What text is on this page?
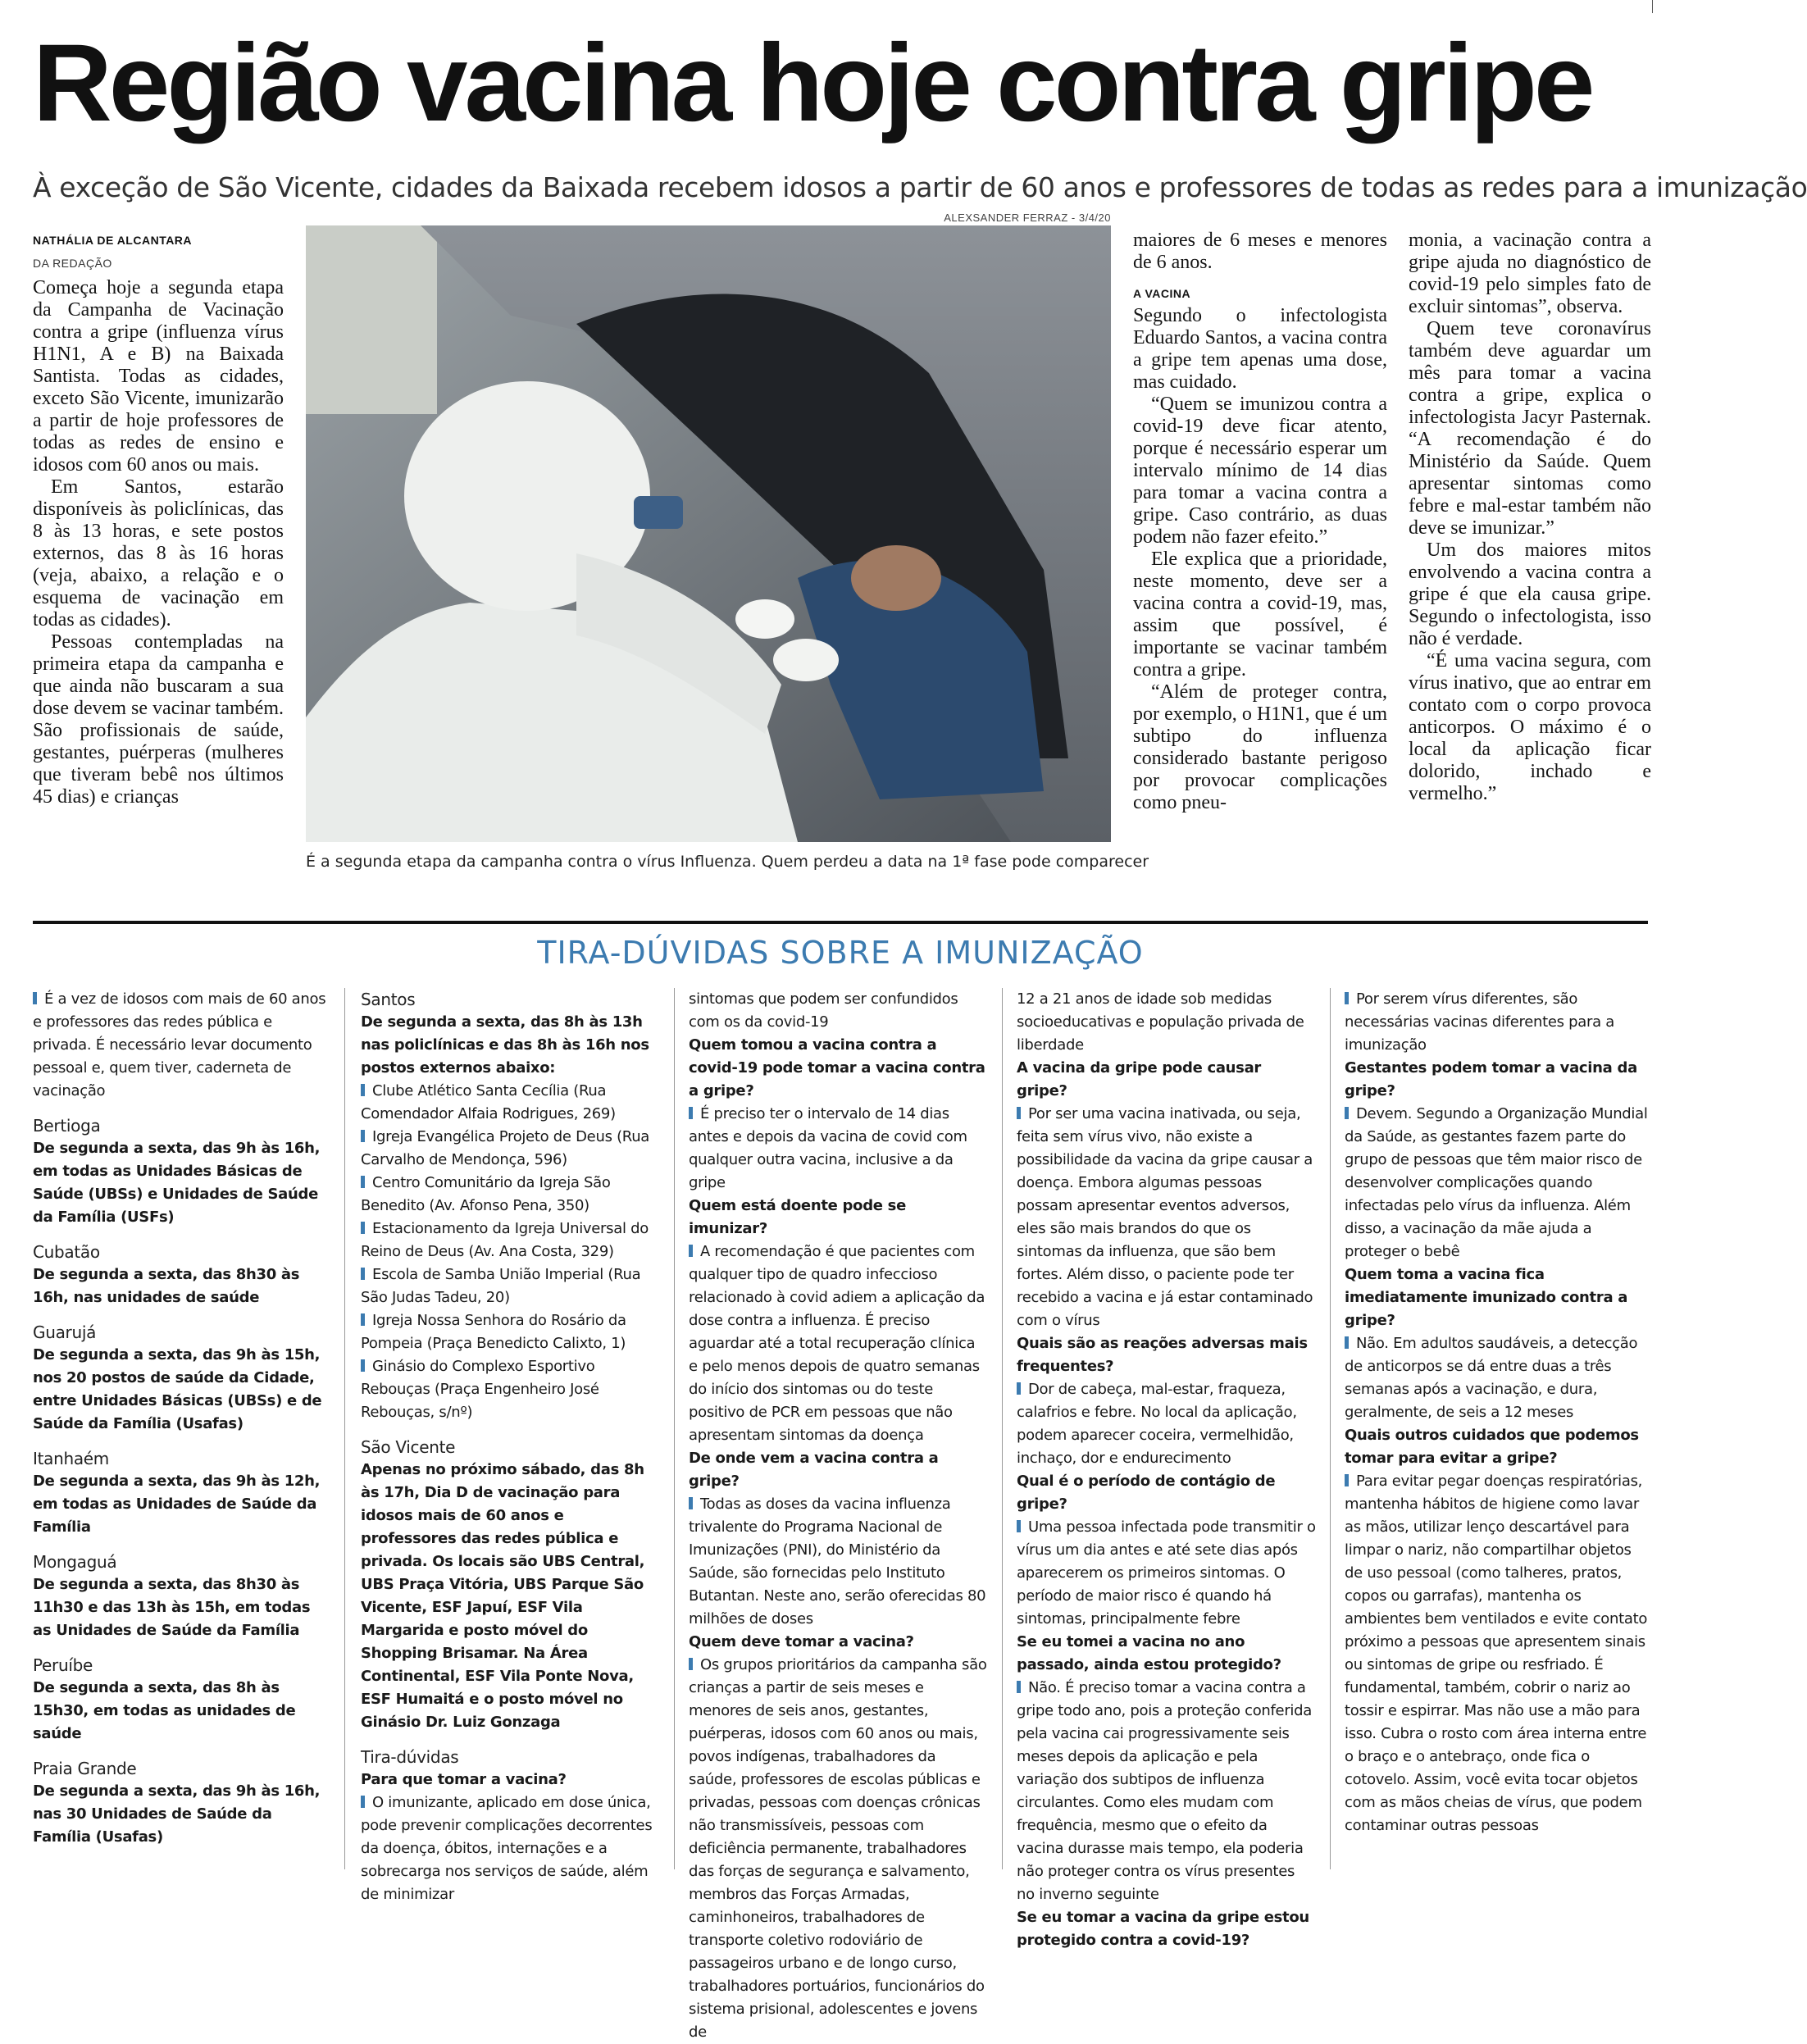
Região vacina hoje contra gripe

À exceção de São Vicente, cidades da Baixada recebem idosos a partir de 60 anos e professores de todas as redes para a imunização

NATHÁLIA DE ALCANTARA
DA REDAÇÃO

Começa hoje a segunda etapa da Campanha de Vacinação contra a gripe (influenza vírus H1N1, A e B) na Baixada Santista. Todas as cidades, exceto São Vicente, imunizarão a partir de hoje professores de todas as redes de ensino e idosos com 60 anos ou mais.

Em Santos, estarão disponíveis às policlínicas, das 8 às 13 horas, e sete postos externos, das 8 às 16 horas (veja, abaixo, a relação e o esquema de vacinação em todas as cidades).

Pessoas contempladas na primeira etapa da campanha e que ainda não buscaram a sua dose devem se vacinar também. São profissionais de saúde, gestantes, puérperas (mulheres que tiveram bebê nos últimos 45 dias) e crianças

ALEXSANDER FERRAZ - 3/4/20
É a segunda etapa da campanha contra o vírus Influenza. Quem perdeu a data na 1ª fase pode comparecer

maiores de 6 meses e menores de 6 anos.

A VACINA

Segundo o infectologista Eduardo Santos, a vacina contra a gripe tem apenas uma dose, mas cuidado.

“Quem se imunizou contra a covid-19 deve ficar atento, porque é necessário esperar um intervalo mínimo de 14 dias para tomar a vacina contra a gripe. Caso contrário, as duas podem não fazer efeito.”

Ele explica que a prioridade, neste momento, deve ser a vacina contra a covid-19, mas, assim que possível, é importante se vacinar também contra a gripe.

“Além de proteger contra, por exemplo, o H1N1, que é um subtipo do influenza considerado bastante perigoso por provocar complicações como pneu-

monia, a vacinação contra a gripe ajuda no diagnóstico de covid-19 pelo simples fato de excluir sintomas”, observa.

Quem teve coronavírus também deve aguardar um mês para tomar a vacina contra a gripe, explica o infectologista Jacyr Pasternak. “A recomendação é do Ministério da Saúde. Quem apresentar sintomas como febre e mal-estar também não deve se imunizar.”

Um dos maiores mitos envolvendo a vacina contra a gripe é que ela causa gripe. Segundo o infectologista, isso não é verdade.

“É uma vacina segura, com vírus inativo, que ao entrar em contato com o corpo provoca anticorpos. O máximo é o local da aplicação ficar dolorido, inchado e vermelho.”

TIRA-DÚVIDAS SOBRE A IMUNIZAÇÃO

É a vez de idosos com mais de 60 anos e professores das redes pública e privada. É necessário levar documento pessoal e, quem tiver, caderneta de vacinação

Bertioga

De segunda a sexta, das 9h às 16h, em todas as Unidades Básicas de Saúde (UBSs) e Unidades de Saúde da Família (USFs)

Cubatão

De segunda a sexta, das 8h30 às 16h, nas unidades de saúde

Guarujá

De segunda a sexta, das 9h às 15h, nos 20 postos de saúde da Cidade, entre Unidades Básicas (UBSs) e de Saúde da Família (Usafas)

Itanhaém

De segunda a sexta, das 9h às 12h, em todas as Unidades de Saúde da Família

Mongaguá

De segunda a sexta, das 8h30 às 11h30 e das 13h às 15h, em todas as Unidades de Saúde da Família

Peruíbe

De segunda a sexta, das 8h às 15h30, em todas as unidades de saúde

Praia Grande

De segunda a sexta, das 9h às 16h, nas 30 Unidades de Saúde da Família (Usafas)

Santos

De segunda a sexta, das 8h às 13h nas policlínicas e das 8h às 16h nos postos externos abaixo:

Clube Atlético Santa Cecília (Rua Comendador Alfaia Rodrigues, 269)

Igreja Evangélica Projeto de Deus (Rua Carvalho de Mendonça, 596)

Centro Comunitário da Igreja São Benedito (Av. Afonso Pena, 350)

Estacionamento da Igreja Universal do Reino de Deus (Av. Ana Costa, 329)

Escola de Samba União Imperial (Rua São Judas Tadeu, 20)

Igreja Nossa Senhora do Rosário da Pompeia (Praça Benedicto Calixto, 1)

Ginásio do Complexo Esportivo Rebouças (Praça Engenheiro José Rebouças, s/nº)

São Vicente

Apenas no próximo sábado, das 8h às 17h, Dia D de vacinação para idosos mais de 60 anos e professores das redes pública e privada. Os locais são UBS Central, UBS Praça Vitória, UBS Parque São Vicente, ESF Japuí, ESF Vila Margarida e posto móvel do Shopping Brisamar. Na Área Continental, ESF Vila Ponte Nova, ESF Humaitá e o posto móvel no Ginásio Dr. Luiz Gonzaga

Tira-dúvidas

Para que tomar a vacina?

O imunizante, aplicado em dose única, pode prevenir complicações decorrentes da doença, óbitos, internações e a sobrecarga nos serviços de saúde, além de minimizar

sintomas que podem ser confundidos com os da covid-19

Quem tomou a vacina contra a covid-19 pode tomar a vacina contra a gripe?

É preciso ter o intervalo de 14 dias antes e depois da vacina de covid com qualquer outra vacina, inclusive a da gripe

Quem está doente pode se imunizar?

A recomendação é que pacientes com qualquer tipo de quadro infeccioso relacionado à covid adiem a aplicação da dose contra a influenza. É preciso aguardar até a total recuperação clínica e pelo menos depois de quatro semanas do início dos sintomas ou do teste positivo de PCR em pessoas que não apresentam sintomas da doença

De onde vem a vacina contra a gripe?

Todas as doses da vacina influenza trivalente do Programa Nacional de Imunizações (PNI), do Ministério da Saúde, são fornecidas pelo Instituto Butantan. Neste ano, serão oferecidas 80 milhões de doses

Quem deve tomar a vacina?

Os grupos prioritários da campanha são crianças a partir de seis meses e menores de seis anos, gestantes, puérperas, idosos com 60 anos ou mais, povos indígenas, trabalhadores da saúde, professores de escolas públicas e privadas, pessoas com doenças crônicas não transmissíveis, pessoas com deficiência permanente, trabalhadores das forças de segurança e salvamento, membros das Forças Armadas, caminhoneiros, trabalhadores de transporte coletivo rodoviário de passageiros urbano e de longo curso, trabalhadores portuários, funcionários do sistema prisional, adolescentes e jovens de

12 a 21 anos de idade sob medidas socioeducativas e população privada de liberdade

A vacina da gripe pode causar gripe?

Por ser uma vacina inativada, ou seja, feita sem vírus vivo, não existe a possibilidade da vacina da gripe causar a doença. Embora algumas pessoas possam apresentar eventos adversos, eles são mais brandos do que os sintomas da influenza, que são bem fortes. Além disso, o paciente pode ter recebido a vacina e já estar contaminado com o vírus

Quais são as reações adversas mais frequentes?

Dor de cabeça, mal-estar, fraqueza, calafrios e febre. No local da aplicação, podem aparecer coceira, vermelhidão, inchaço, dor e endurecimento

Qual é o período de contágio de gripe?

Uma pessoa infectada pode transmitir o vírus um dia antes e até sete dias após aparecerem os primeiros sintomas. O período de maior risco é quando há sintomas, principalmente febre

Se eu tomei a vacina no ano passado, ainda estou protegido?

Não. É preciso tomar a vacina contra a gripe todo ano, pois a proteção conferida pela vacina cai progressivamente seis meses depois da aplicação e pela variação dos subtipos de influenza circulantes. Como eles mudam com frequência, mesmo que o efeito da vacina durasse mais tempo, ela poderia não proteger contra os vírus presentes no inverno seguinte

Se eu tomar a vacina da gripe estou protegido contra a covid-19?

Por serem vírus diferentes, são necessárias vacinas diferentes para a imunização

Gestantes podem tomar a vacina da gripe?

Devem. Segundo a Organização Mundial da Saúde, as gestantes fazem parte do grupo de pessoas que têm maior risco de desenvolver complicações quando infectadas pelo vírus da influenza. Além disso, a vacinação da mãe ajuda a proteger o bebê

Quem toma a vacina fica imediatamente imunizado contra a gripe?

Não. Em adultos saudáveis, a detecção de anticorpos se dá entre duas a três semanas após a vacinação, e dura, geralmente, de seis a 12 meses

Quais outros cuidados que podemos tomar para evitar a gripe?

Para evitar pegar doenças respiratórias, mantenha hábitos de higiene como lavar as mãos, utilizar lenço descartável para limpar o nariz, não compartilhar objetos de uso pessoal (como talheres, pratos, copos ou garrafas), mantenha os ambientes bem ventilados e evite contato próximo a pessoas que apresentem sinais ou sintomas de gripe ou resfriado. É fundamental, também, cobrir o nariz ao tossir e espirrar. Mas não use a mão para isso. Cubra o rosto com área interna entre o braço e o antebraço, onde fica o cotovelo. Assim, você evita tocar objetos com as mãos cheias de vírus, que podem contaminar outras pessoas
